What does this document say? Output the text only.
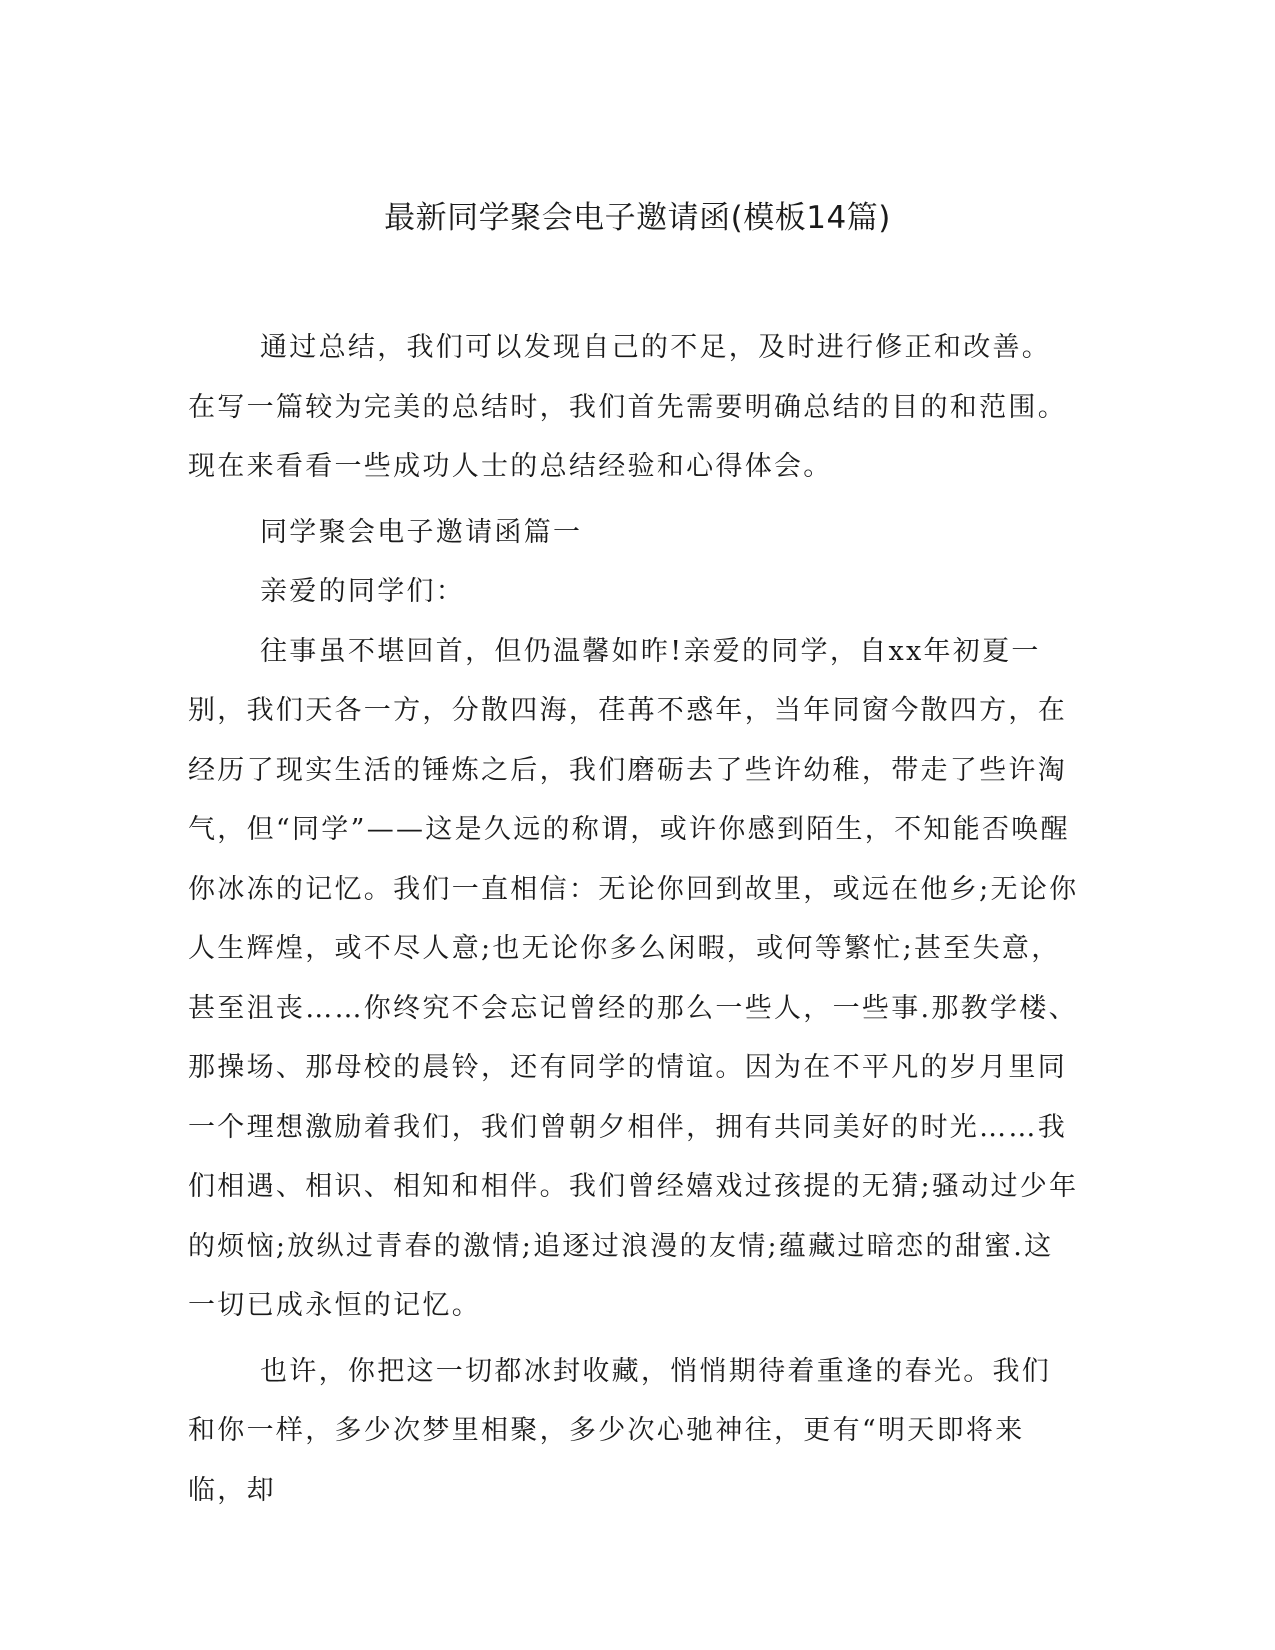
最新同学聚会电子邀请函(模板14篇)

通过总结，我们可以发现自己的不足，及时进行修正和改善。在写一篇较为完美的总结时，我们首先需要明确总结的目的和范围。现在来看看一些成功人士的总结经验和心得体会。

同学聚会电子邀请函篇一

亲爱的同学们：

往事虽不堪回首，但仍温馨如昨!亲爱的同学，自xx年初夏一别，我们天各一方，分散四海，荏苒不惑年，当年同窗今散四方，在经历了现实生活的锤炼之后，我们磨砺去了些许幼稚，带走了些许淘气，但“同学”——这是久远的称谓，或许你感到陌生，不知能否唤醒你冰冻的记忆。我们一直相信：无论你回到故里，或远在他乡;无论你人生辉煌，或不尽人意;也无论你多么闲暇，或何等繁忙;甚至失意，甚至沮丧……你终究不会忘记曾经的那么一些人，一些事.那教学楼、那操场、那母校的晨铃，还有同学的情谊。因为在不平凡的岁月里同一个理想激励着我们，我们曾朝夕相伴，拥有共同美好的时光……我们相遇、相识、相知和相伴。我们曾经嬉戏过孩提的无猜;骚动过少年的烦恼;放纵过青春的激情;追逐过浪漫的友情;蕴藏过暗恋的甜蜜.这一切已成永恒的记忆。

也许，你把这一切都冰封收藏，悄悄期待着重逢的春光。我们和你一样，多少次梦里相聚，多少次心驰神往，更有“明天即将来临，却
